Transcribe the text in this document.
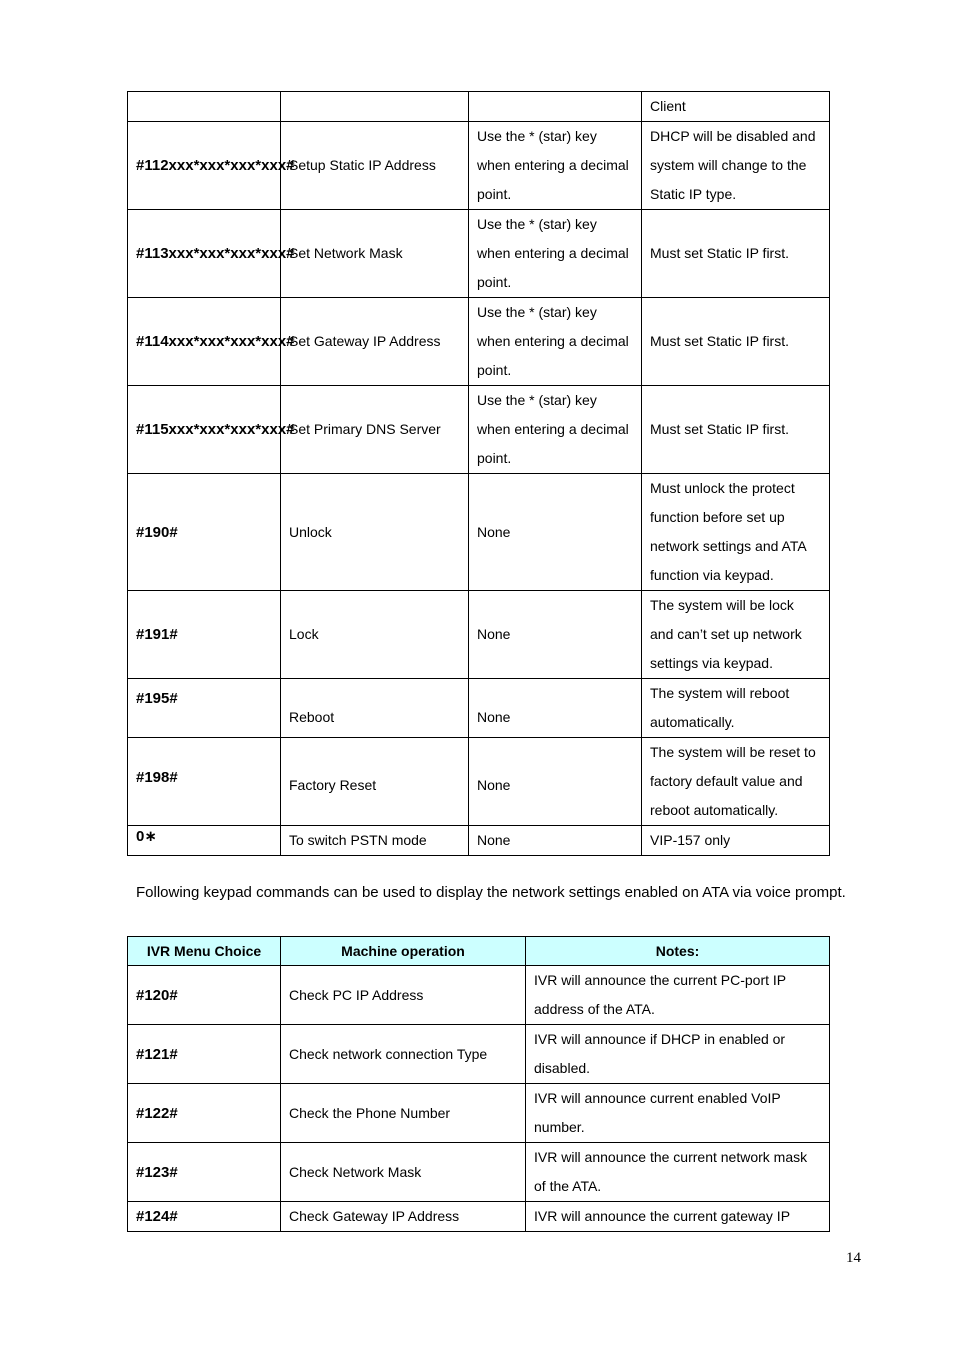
			Client
#112xxx*xxx*xxx*xxx#	Setup Static IP Address	Use the * (star) key when entering a decimal point.	DHCP will be disabled and system will change to the Static IP type.
#113xxx*xxx*xxx*xxx#	Set Network Mask	Use the * (star) key when entering a decimal point.	Must set Static IP first.
#114xxx*xxx*xxx*xxx#	Set Gateway IP Address	Use the * (star) key when entering a decimal point.	Must set Static IP first.
#115xxx*xxx*xxx*xxx#	Set Primary DNS Server	Use the * (star) key when entering a decimal point.	Must set Static IP first.
#190#	Unlock	None	Must unlock the protect function before set up network settings and ATA function via keypad.
#191#	Lock	None	The system will be lock and can’t set up network settings via keypad.
#195#	Reboot	None	The system will reboot automatically.
#198#	Factory Reset	None	The system will be reset to factory default value and reboot automatically.
0∗	To switch PSTN mode	None	VIP-157 only

Following keypad commands can be used to display the network settings enabled on ATA via voice prompt.

IVR Menu Choice	Machine operation	Notes:
#120#	Check PC IP Address	IVR will announce the current PC-port IP address of the ATA.
#121#	Check network connection Type	IVR will announce if DHCP in enabled or disabled.
#122#	Check the Phone Number	IVR will announce current enabled VoIP number.
#123#	Check Network Mask	IVR will announce the current network mask of the ATA.
#124#	Check Gateway IP Address	IVR will announce the current gateway IP
14
